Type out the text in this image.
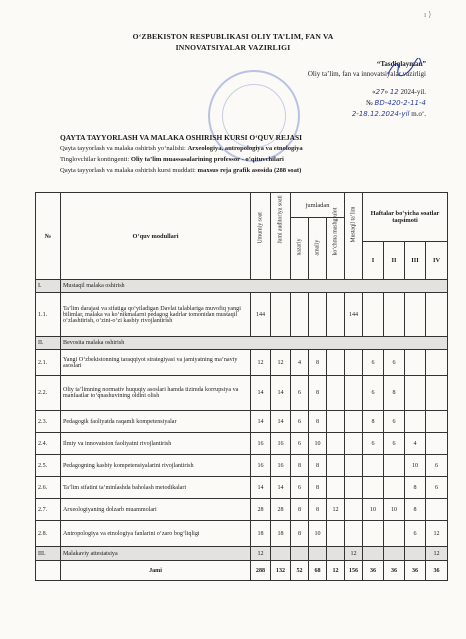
ı ⟩
O‘ZBEKISTON RESPUBLIKASI OLIY TA’LIM, FAN VA
INNOVATSIYALAR VAZIRLIGI
“Tasdiqlayman”
Oliy ta’lim, fan va innovatsiyalar vazirligi
«27» 12 2024-yil.
№ BD-420-2-11-4
2-18.12.2024-yil m.o‘.
QAYTA TAYYORLASH VA MALAKA OSHIRISH KURSI O‘QUV REJASI
Qayta tayyorlash va malaka oshirish yo‘nalishi: Arxeologiya, antropologiya va etnologiya
Tinglovchilar kontingenti: Oliy ta’lim muassasalarining professor - o‘qituvchilari
Qayta tayyorlash va malaka oshirish kursi muddati: maxsus reja grafik asosida (288 soat)
№	O‘quv modullari	Umumiy soat	Jami auditoriya soati	jumladan			Mustaqil ta’lim	Haftalar bo‘yicha soatlar taqsimoti			

				nazariy	amaliy	ko‘chma mashg‘ulot					

								I	II	III	IV
I.	Mustaqil malaka oshirish										
1.1.	Ta’lim darajasi va sifatiga qo‘yiladigan Davlat talablariga muvofiq yangi bilimlar, malaka va ko‘nikmalarni pedagog kadrlar tomonidan mustaqil o‘zlashtirish, o‘zini-o‘zi kasbiy rivojlantirish	144					144				
II.	Bevosita malaka oshirish										
2.1.	Yangi O‘zbekistonning taraqqiyot strategiyasi va jamiyatning ma’naviy asoslari	12	12	4	8			6	6		
2.2.	Oliy ta’limning normativ huquqiy asoslari hamda tizimda korrupsiya va manfaatlar to‘qnashuvining oldini olish	14	14	6	8			6	8		
2.3.	Pedagogik faoliyatda raqamli kompetensiyalar	14	14	6	8			8	6		
2.4.	Ilmiy va innovatsion faoliyatni rivojlantirish	16	16	6	10			6	6	4	
2.5.	Pedagogning kasbiy kompetensiyalarini rivojlantirish	16	16	8	8					10	6
2.6.	Ta’lim sifatini ta’minlashda baholash metodikalari	14	14	6	8					8	6
2.7.	Arxeologiyaning dolzarb muammolari	28	28	8	8	12		10	10	8	
2.8.	Antropologiya va etnologiya fanlarini o‘zaro bog‘liqligi	18	18	8	10					6	12
III.	Malakaviy attestatsiya	12					12				12
	Jami	288	132	52	68	12	156	36	36	36	36
